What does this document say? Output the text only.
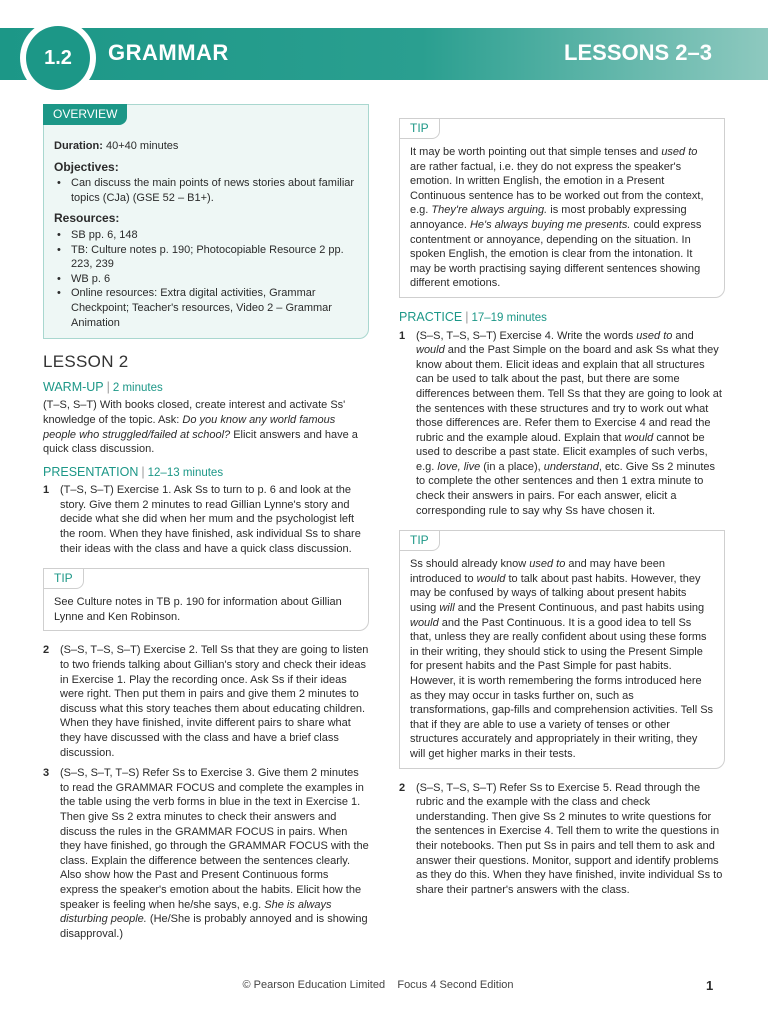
1.2	GRAMMAR	LESSONS 2–3
OVERVIEW
Duration: 40+40 minutes
Objectives:
• Can discuss the main points of news stories about familiar topics (CJa) (GSE 52 – B1+).
Resources:
• SB pp. 6, 148
• TB: Culture notes p. 190; Photocopiable Resource 2 pp. 223, 239
• WB p. 6
• Online resources: Extra digital activities, Grammar Checkpoint; Teacher's resources, Video 2 – Grammar Animation
LESSON 2
WARM-UP | 2 minutes

(T–S, S–T) With books closed, create interest and activate Ss' knowledge of the topic. Ask: Do you know any world famous people who struggled/failed at school? Elicit answers and have a quick class discussion.

PRESENTATION | 12–13 minutes
1 (T–S, S–T) Exercise 1. Ask Ss to turn to p. 6 and look at the story. Give them 2 minutes to read Gillian Lynne's story and decide what she did when her mum and the psychologist left the room. When they have finished, ask individual Ss to share their ideas with the class and have a quick class discussion.
TIP
See Culture notes in TB p. 190 for information about Gillian Lynne and Ken Robinson.
2 (S–S, T–S, S–T) Exercise 2. Tell Ss that they are going to listen to two friends talking about Gillian's story and check their ideas in Exercise 1. Play the recording once. Ask Ss if their ideas were right. Then put them in pairs and give them 2 minutes to discuss what this story teaches them about educating children. When they have finished, invite different pairs to share what they have discussed with the class and have a brief class discussion.
3 (S–S, S–T, T–S) Refer Ss to Exercise 3. Give them 2 minutes to read the GRAMMAR FOCUS and complete the examples in the table using the verb forms in blue in the text in Exercise 1. Then give Ss 2 extra minutes to check their answers and discuss the rules in the GRAMMAR FOCUS in pairs. When they have finished, go through the GRAMMAR FOCUS with the class. Explain the difference between the sentences clearly. Also show how the Past and Present Continuous forms express the speaker's emotion about the habits. Elicit how the speaker is feeling when he/she says, e.g. She is always disturbing people. (He/She is probably annoyed and is showing disapproval.)
TIP
It may be worth pointing out that simple tenses and used to are rather factual, i.e. they do not express the speaker's emotion. In written English, the emotion in a Present Continuous sentence has to be worked out from the context, e.g. They're always arguing. is most probably expressing annoyance. He's always buying me presents. could express contentment or annoyance, depending on the situation. In spoken English, the emotion is clear from the intonation. It may be worth practising saying different sentences showing different emotions.
PRACTICE | 17–19 minutes
1 (S–S, T–S, S–T) Exercise 4. Write the words used to and would and the Past Simple on the board and ask Ss what they know about them. Elicit ideas and explain that all structures can be used to talk about the past, but there are some differences between them. Tell Ss that they are going to look at the sentences with these structures and try to work out what those differences are. Refer them to Exercise 4 and read the rubric and the example aloud. Explain that would cannot be used to describe a past state. Elicit examples of such verbs, e.g. love, live (in a place), understand, etc. Give Ss 2 minutes to complete the other sentences and then 1 extra minute to check their answers in pairs. For each answer, elicit a corresponding rule to say why Ss have chosen it.
TIP
Ss should already know used to and may have been introduced to would to talk about past habits. However, they may be confused by ways of talking about present habits using will and the Present Continuous, and past habits using would and the Past Continuous. It is a good idea to tell Ss that, unless they are really confident about using these forms in their writing, they should stick to using the Present Simple for present habits and the Past Simple for past habits. However, it is worth remembering the forms introduced here as they may occur in tasks further on, such as transformations, gap-fills and comprehension activities. Tell Ss that if they are able to use a variety of tenses or other structures accurately and appropriately in their writing, they will get higher marks in their tests.
2 (S–S, T–S, S–T) Refer Ss to Exercise 5. Read through the rubric and the example with the class and check understanding. Then give Ss 2 minutes to write questions for the sentences in Exercise 4. Tell them to write the questions in their notebooks. Then put Ss in pairs and tell them to ask and answer their questions. Monitor, support and identify problems as they do this. When they have finished, invite individual Ss to share their partner's answers with the class.
© Pearson Education Limited Focus 4 Second Edition	1
